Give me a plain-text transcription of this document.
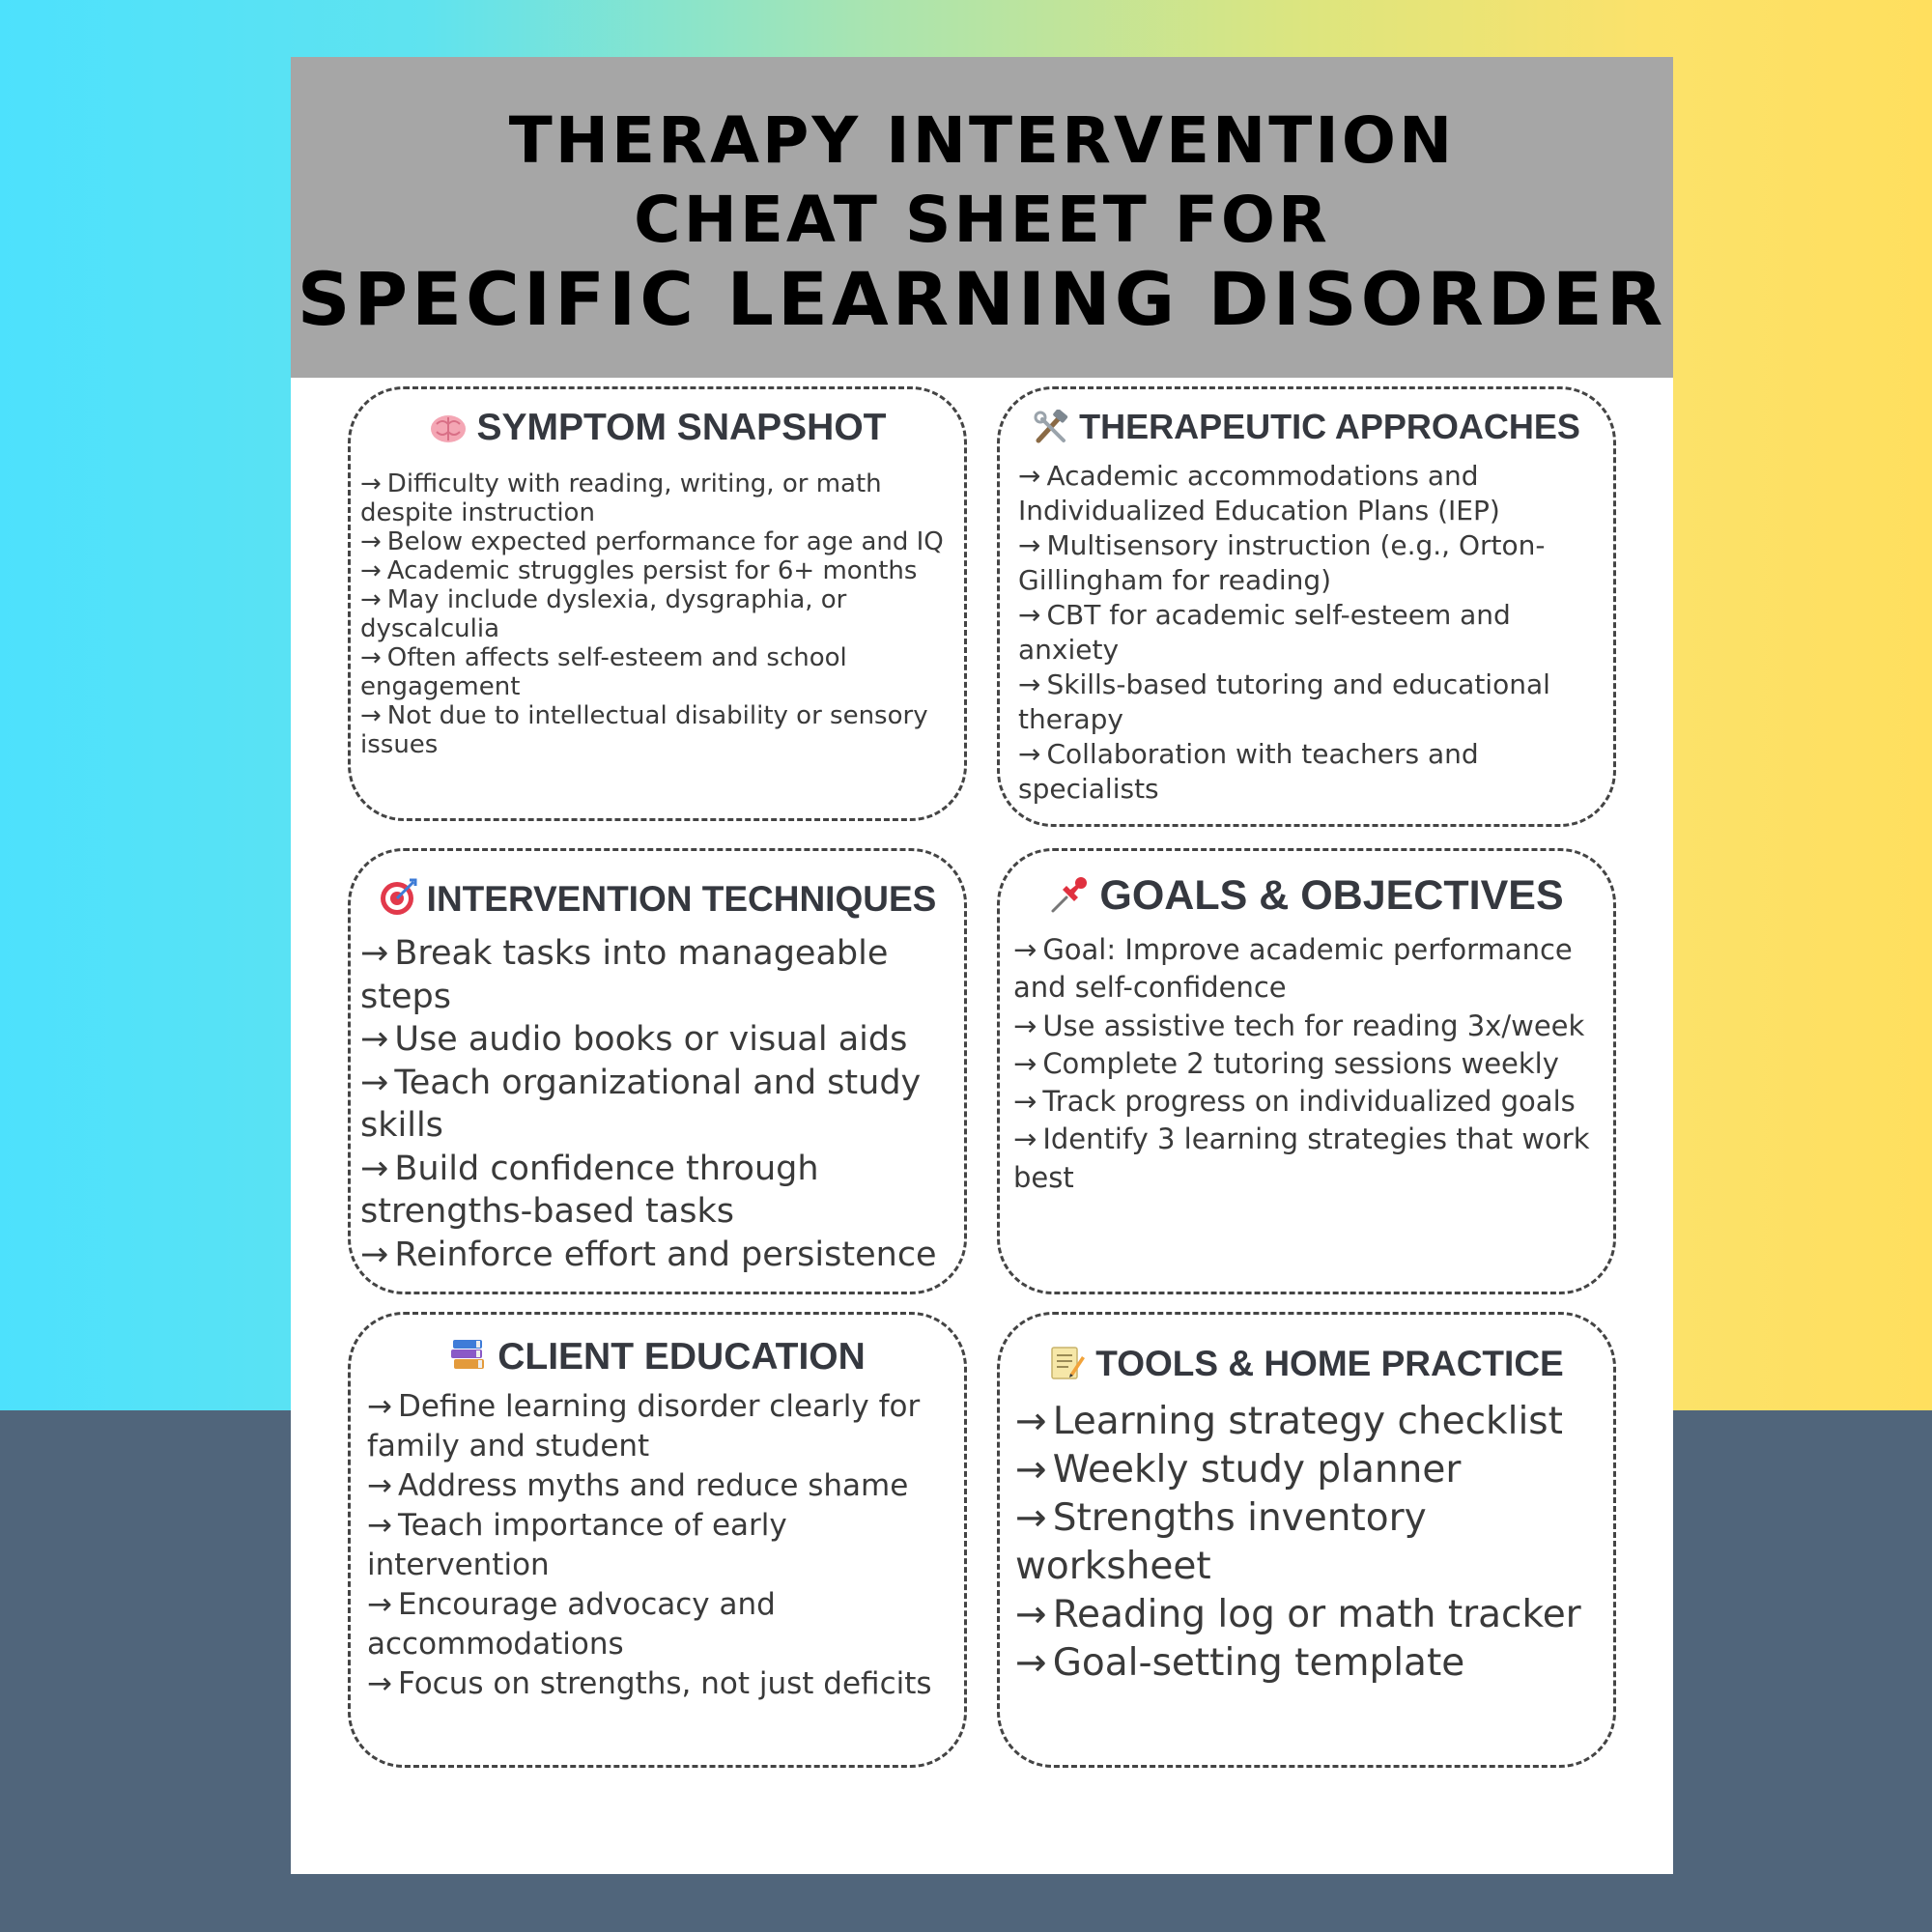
THERAPY INTERVENTION
CHEAT SHEET FOR
SPECIFIC LEARNING DISORDER
SYMPTOM SNAPSHOT
→ Difficulty with reading, writing, or math despite instruction
→ Below expected performance for age and IQ
→ Academic struggles persist for 6+ months
→ May include dyslexia, dysgraphia, or dyscalculia
→ Often affects self-esteem and school engagement
→ Not due to intellectual disability or sensory issues
THERAPEUTIC APPROACHES
→ Academic accommodations and Individualized Education Plans (IEP)
→ Multisensory instruction (e.g., Orton-Gillingham for reading)
→ CBT for academic self-esteem and anxiety
→ Skills-based tutoring and educational therapy
→ Collaboration with teachers and specialists
INTERVENTION TECHNIQUES
→ Break tasks into manageable steps
→ Use audio books or visual aids
→ Teach organizational and study skills
→ Build confidence through strengths-based tasks
→ Reinforce effort and persistence
GOALS & OBJECTIVES
→ Goal: Improve academic performance and self-confidence
→ Use assistive tech for reading 3x/week
→ Complete 2 tutoring sessions weekly
→ Track progress on individualized goals
→ Identify 3 learning strategies that work best
CLIENT EDUCATION
→ Define learning disorder clearly for family and student
→ Address myths and reduce shame
→ Teach importance of early intervention
→ Encourage advocacy and accommodations
→ Focus on strengths, not just deficits
TOOLS & HOME PRACTICE
→ Learning strategy checklist
→ Weekly study planner
→ Strengths inventory worksheet
→ Reading log or math tracker
→ Goal-setting template
